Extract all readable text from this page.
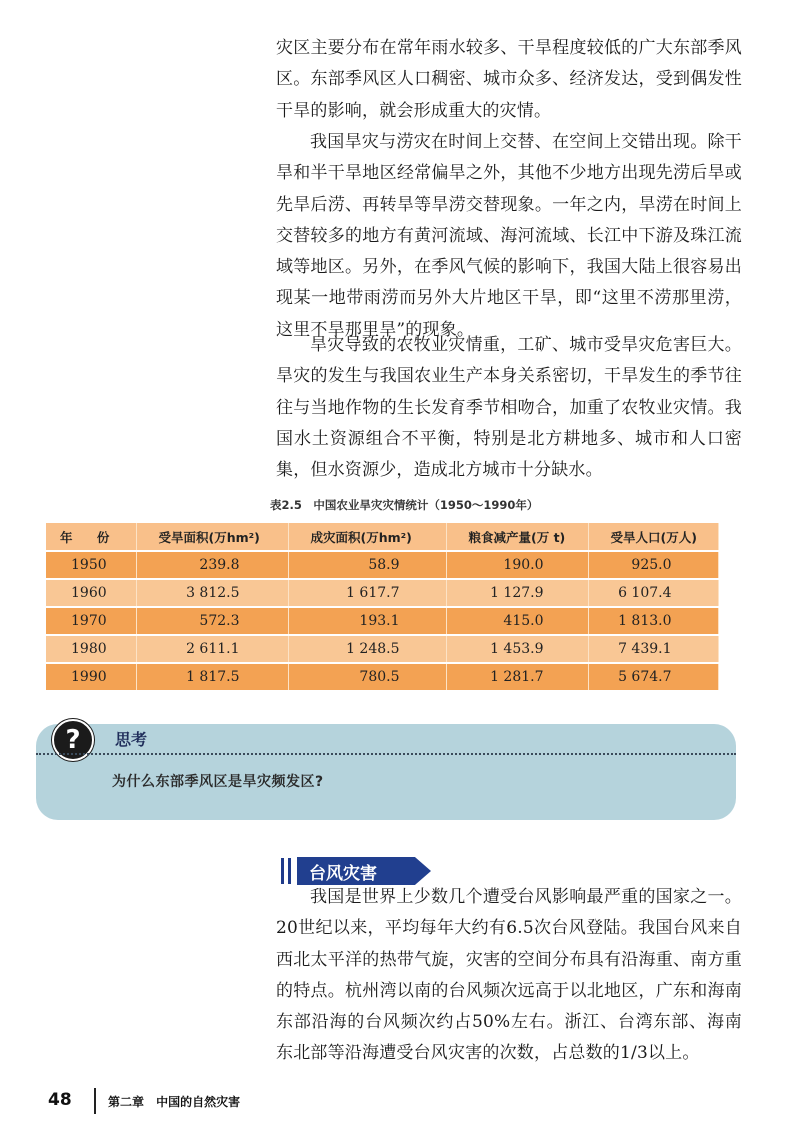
灾区主要分布在常年雨水较多、干旱程度较低的广大东部季风区。东部季风区人口稠密、城市众多、经济发达，受到偶发性干旱的影响，就会形成重大的灾情。

我国旱灾与涝灾在时间上交替、在空间上交错出现。除干旱和半干旱地区经常偏旱之外，其他不少地方出现先涝后旱或先旱后涝、再转旱等旱涝交替现象。一年之内，旱涝在时间上交替较多的地方有黄河流域、海河流域、长江中下游及珠江流域等地区。另外，在季风气候的影响下，我国大陆上很容易出现某一地带雨涝而另外大片地区干旱，即“这里不涝那里涝，这里不旱那里旱”的现象。

旱灾导致的农牧业灾情重，工矿、城市受旱灾危害巨大。旱灾的发生与我国农业生产本身关系密切，干旱发生的季节往往与当地作物的生长发育季节相吻合，加重了农牧业灾情。我国水土资源组合不平衡，特别是北方耕地多、城市和人口密集，但水资源少，造成北方城市十分缺水。

表2.5　中国农业旱灾灾情统计（1950～1990年）
年 份	受旱面积(万hm²)	成灾面积(万hm²)	粮食减产量(万 t)	受旱人口(万人)
1950	239.8	58.9	190.0	925.0
1960	3 812.5	1 617.7	1 127.9	6 107.4
1970	572.3	193.1	415.0	1 813.0
1980	2 611.1	1 248.5	1 453.9	7 439.1
1990	1 817.5	780.5	1 281.7	5 674.7
?	思考
为什么东部季风区是旱灾频发区?
台风灾害

我国是世界上少数几个遭受台风影响最严重的国家之一。20世纪以来，平均每年大约有6.5次台风登陆。我国台风来自西北太平洋的热带气旋，灾害的空间分布具有沿海重、南方重的特点。杭州湾以南的台风频次远高于以北地区，广东和海南东部沿海的台风频次约占50%左右。浙江、台湾东部、海南东北部等沿海遭受台风灾害的次数，占总数的1/3以上。

48	第二章 中国的自然灾害
